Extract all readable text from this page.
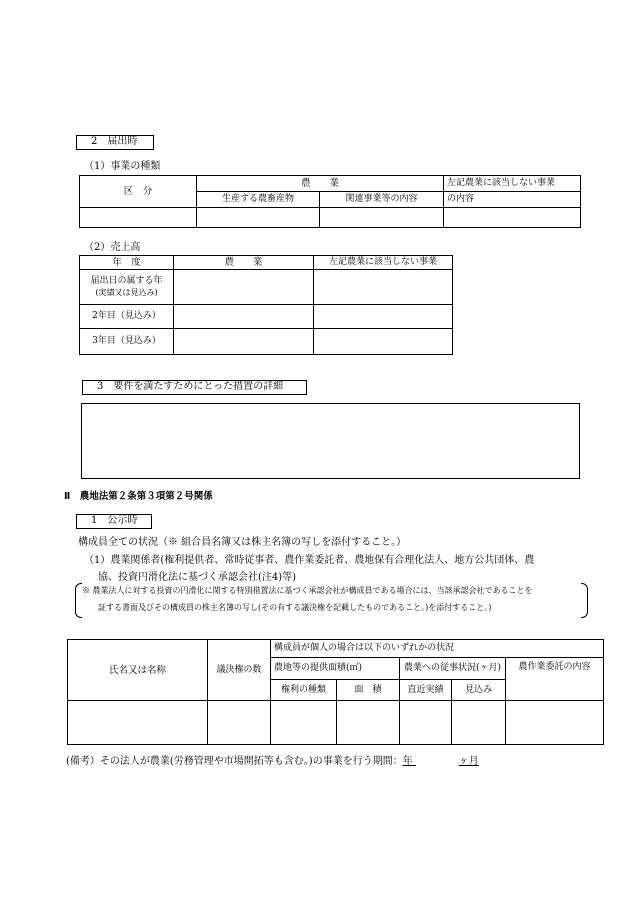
2　届出時
（1）事業の種類
区　分	農　　業		左記農業に該当しない事業
	生産する農畜産物	関連事業等の内容	の内容

（2）売上高
年　度	農　　業	左記農業に該当しない事業

届出日の属する年
(実績又は見込み)		

2年目（見込み）		
3年目（見込み）		
3　要件を満たすためにとった措置の詳細
Ⅱ　農地法第２条第３項第２号関係
1　公示時
構成員全ての状況（※ 組合員名簿又は株主名簿の写しを添付すること。）
（1）農業関係者(権利提供者、常時従事者、農作業委託者、農地保有合理化法人、地方公共団体、農
協、投資円滑化法に基づく承認会社(注4)等)
※ 農業法人に対する投資の円滑化に関する特別措置法に基づく承認会社が構成員である場合には、当該承認会社であることを
証する書面及びその構成員の株主名簿の写し(その有する議決権を記載したものであること。)を添付すること。)
氏名又は名称	議決権の数	構成員が個人の場合は以下のいずれかの状況				
		農地等の提供面積(㎡)		農業への従事状況(ヶ月)		農作業委託の内容
		権利の種類	面　積	直近実績	見込み	

(備考）その法人が農業(労務管理や市場開拓等も含む。)の事業を行う期間：年	ヶ月
